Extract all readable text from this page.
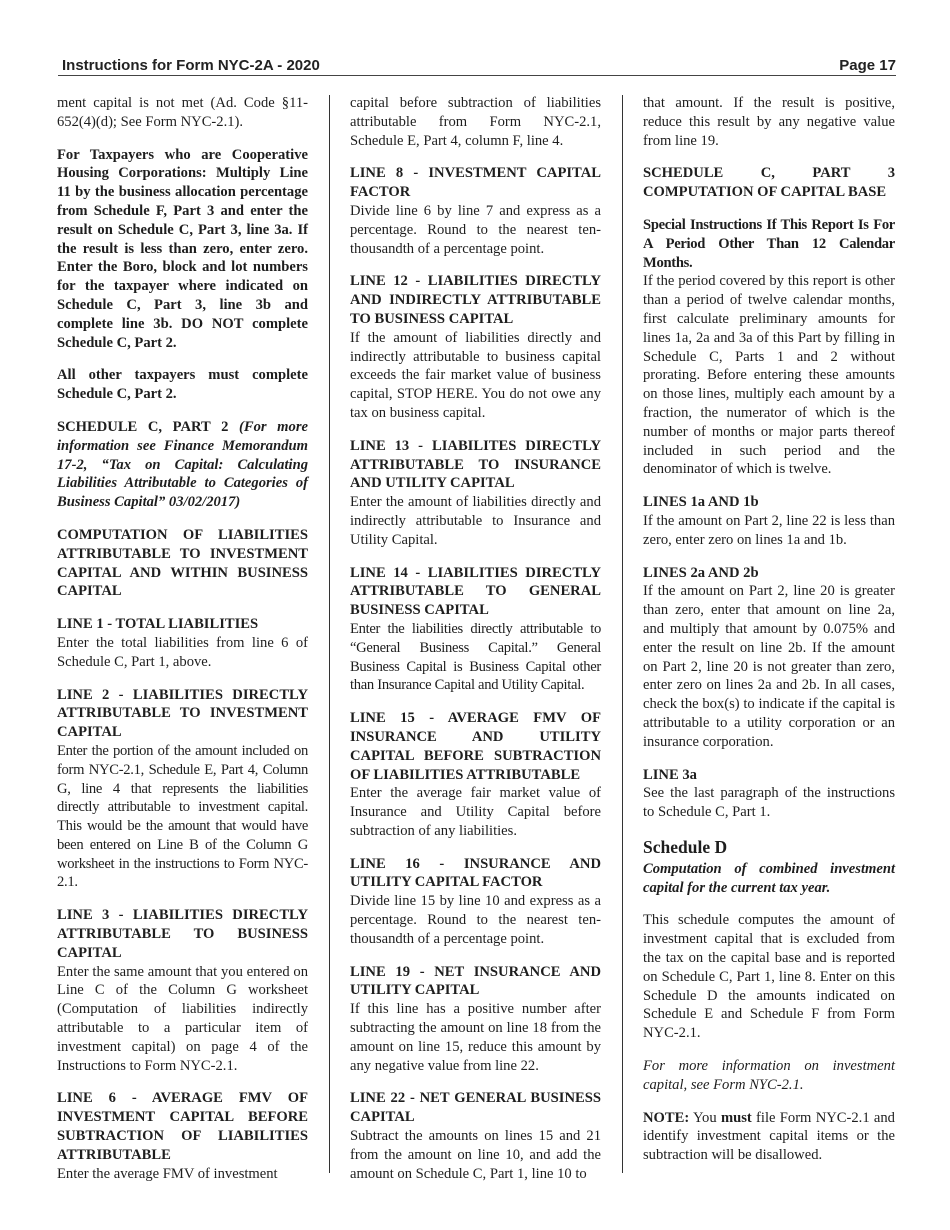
Instructions for Form NYC-2A - 2020	Page 17

ment capital is not met (Ad. Code §11-652(4)(d); See Form NYC-2.1).

For Taxpayers who are Cooperative Housing Corporations: Multiply Line 11 by the business allocation percentage from Schedule F, Part 3 and enter the result on Schedule C, Part 3, line 3a. If the result is less than zero, enter zero. Enter the Boro, block and lot numbers for the taxpayer where indicated on Schedule C, Part 3, line 3b and complete line 3b. DO NOT complete Schedule C, Part 2.

All other taxpayers must complete Schedule C, Part 2.

SCHEDULE C, PART 2 (For more information see Finance Memorandum 17-2, “Tax on Capital: Calculating Liabilities Attributable to Categories of Business Capital” 03/02/2017)

COMPUTATION OF LIABILITIES ATTRIBUTABLE TO INVESTMENT CAPITAL AND WITHIN BUSINESS CAPITAL
LINE 1 - TOTAL LIABILITIES
Enter the total liabilities from line 6 of Schedule C, Part 1, above.
LINE 2 - LIABILITIES DIRECTLY ATTRIBUTABLE TO INVESTMENT CAPITAL
Enter the portion of the amount included on form NYC-2.1, Schedule E, Part 4, Column G, line 4 that represents the liabilities directly attributable to investment capital. This would be the amount that would have been entered on Line B of the Column G worksheet in the instructions to Form NYC-2.1.
LINE 3 - LIABILITIES DIRECTLY ATTRIBUTABLE TO BUSINESS CAPITAL
Enter the same amount that you entered on Line C of the Column G worksheet (Computation of liabilities indirectly attributable to a particular item of investment capital) on page 4 of the Instructions to Form NYC-2.1.
LINE 6 - AVERAGE FMV OF INVESTMENT CAPITAL BEFORE SUBTRACTION OF LIABILITIES ATTRIBUTABLE
Enter the average FMV of investment

capital before subtraction of liabilities attributable from Form NYC-2.1, Schedule E, Part 4, column F, line 4.

LINE 8 - INVESTMENT CAPITAL FACTOR
Divide line 6 by line 7 and express as a percentage. Round to the nearest ten-thousandth of a percentage point.
LINE 12 - LIABILITIES DIRECTLY AND INDIRECTLY ATTRIBUTABLE TO BUSINESS CAPITAL
If the amount of liabilities directly and indirectly attributable to business capital exceeds the fair market value of business capital, STOP HERE. You do not owe any tax on business capital.
LINE 13 - LIABILITES DIRECTLY ATTRIBUTABLE TO INSURANCE AND UTILITY CAPITAL
Enter the amount of liabilities directly and indirectly attributable to Insurance and Utility Capital.
LINE 14 - LIABILITIES DIRECTLY ATTRIBUTABLE TO GENERAL BUSINESS CAPITAL
Enter the liabilities directly attributable to “General Business Capital.” General Business Capital is Business Capital other than Insurance Capital and Utility Capital.
LINE 15 - AVERAGE FMV OF INSURANCE AND UTILITY CAPITAL BEFORE SUBTRACTION OF LIABILITIES ATTRIBUTABLE
Enter the average fair market value of Insurance and Utility Capital before subtraction of any liabilities.
LINE 16 - INSURANCE AND UTILITY CAPITAL FACTOR
Divide line 15 by line 10 and express as a percentage. Round to the nearest ten-thousandth of a percentage point.
LINE 19 - NET INSURANCE AND UTILITY CAPITAL
If this line has a positive number after subtracting the amount on line 18 from the amount on line 15, reduce this amount by any negative value from line 22.
LINE 22 - NET GENERAL BUSINESS CAPITAL
Subtract the amounts on lines 15 and 21 from the amount on line 10, and add the amount on Schedule C, Part 1, line 10 to

that amount. If the result is positive, reduce this result by any negative value from line 19.

SCHEDULE C, PART 3 COMPUTATION OF CAPITAL BASE
Special Instructions If This Report Is For A Period Other Than 12 Calendar Months.
If the period covered by this report is other than a period of twelve calendar months, first calculate preliminary amounts for lines 1a, 2a and 3a of this Part by filling in Schedule C, Parts 1 and 2 without prorating. Before entering these amounts on those lines, multiply each amount by a fraction, the numerator of which is the number of months or major parts thereof included in such period and the denominator of which is twelve.
LINES 1a AND 1b
If the amount on Part 2, line 22 is less than zero, enter zero on lines 1a and 1b.
LINES 2a AND 2b
If the amount on Part 2, line 20 is greater than zero, enter that amount on line 2a, and multiply that amount by 0.075% and enter the result on line 2b. If the amount on Part 2, line 20 is not greater than zero, enter zero on lines 2a and 2b. In all cases, check the box(s) to indicate if the capital is attributable to a utility corporation or an insurance corporation.
LINE 3a
See the last paragraph of the instructions to Schedule C, Part 1.
Schedule D

Computation of combined investment capital for the current tax year.

This schedule computes the amount of investment capital that is excluded from the tax on the capital base and is reported on Schedule C, Part 1, line 8. Enter on this Schedule D the amounts indicated on Schedule E and Schedule F from Form NYC-2.1.

For more information on investment capital, see Form NYC-2.1.

NOTE: You must file Form NYC-2.1 and identify investment capital items or the subtraction will be disallowed.
